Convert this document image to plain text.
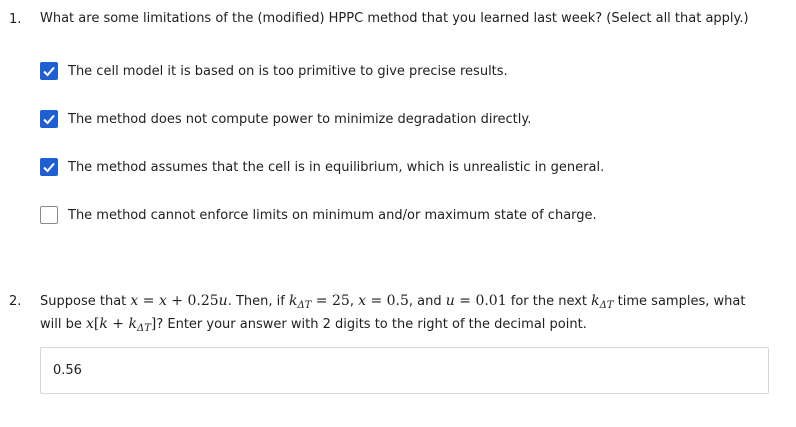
1. What are some limitations of the (modified) HPPC method that you learned last week? (Select all that apply.)
The cell model it is based on is too primitive to give precise results.
The method does not compute power to minimize degradation directly.
The method assumes that the cell is in equilibrium, which is unrealistic in general.
The method cannot enforce limits on minimum and/or maximum state of charge.
2. Suppose that x = x + 0.25u. Then, if $k_{\Delta T} = 25$, x = 0.5, and u = 0.01 for the next $k_{\Delta T}$ time samples, what
will be $x[k + k_{\Delta T}]$? Enter your answer with 2 digits to the right of the decimal point.
0.56
